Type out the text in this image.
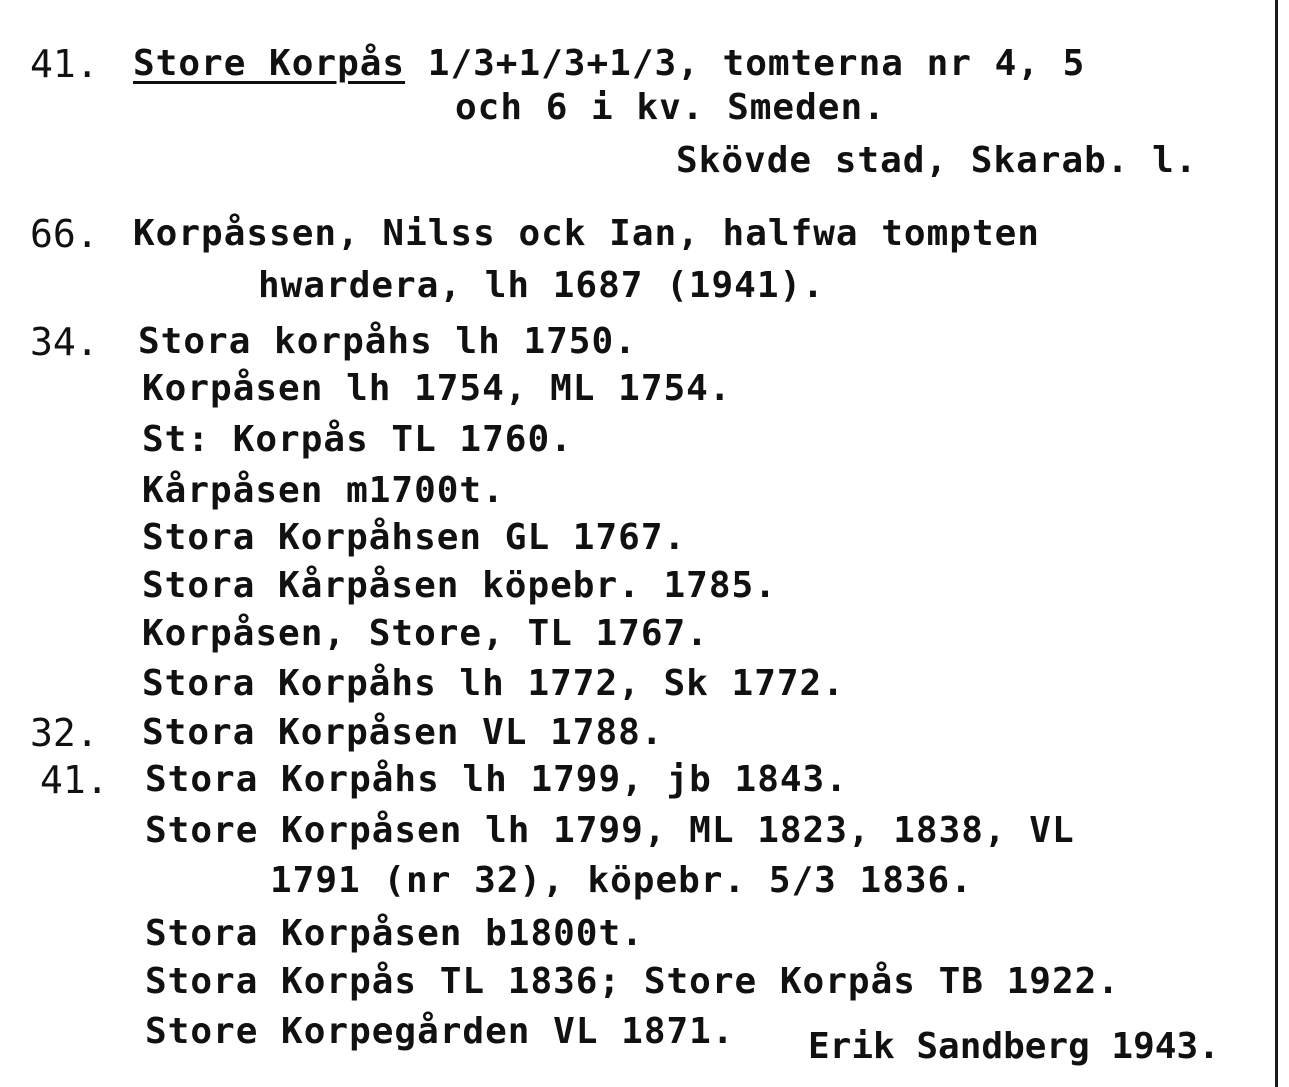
41. Store Korpås 1/3+1/3+1/3, tomterna nr 4, 5
och 6 i kv. Smeden.
Skövde stad, Skarab. l.
66. Korpåssen, Nilss ock Ian, halfwa tompten
hwardera, lh 1687 (1941).
34. Stora korpåhs lh 1750.
Korpåsen lh 1754, ML 1754.
St: Korpås TL 1760.
Kårpåsen m1700t.
Stora Korpåhsen GL 1767.
Stora Kårpåsen köpebr. 1785.
Korpåsen, Store, TL 1767.
Stora Korpåhs lh 1772, Sk 1772.
32. Stora Korpåsen VL 1788.
41. Stora Korpåhs lh 1799, jb 1843.
Store Korpåsen lh 1799, ML 1823, 1838, VL
1791 (nr 32), köpebr. 5/3 1836.
Stora Korpåsen b1800t.
Stora Korpås TL 1836; Store Korpås TB 1922.
Store Korpegården VL 1871. Erik Sandberg 1943.
